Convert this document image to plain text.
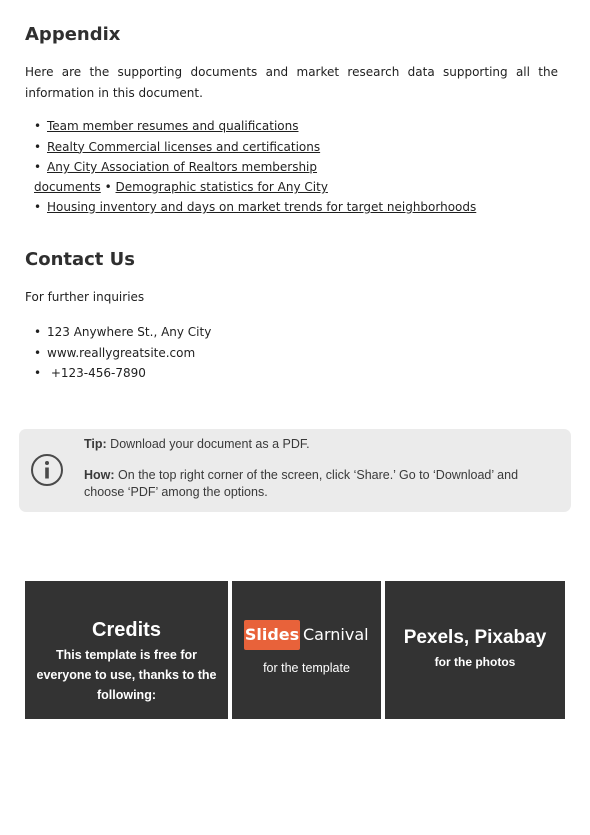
Appendix

Here are the supporting documents and market research data supporting all the information in this document.

• Team member resumes and qualifications
• Realty Commercial licenses and certifications
• Any City Association of Realtors membership
documents • Demographic statistics for Any City
• Housing inventory and days on market trends for target neighborhoods
Contact Us

For further inquiries

• 123 Anywhere St., Any City
• www.reallygreatsite.com
• +123-456-7890

Tip: Download your document as a PDF.

How: On the top right corner of the screen, click ‘Share.’ Go to ‘Download’ and choose ‘PDF’ among the options.

Credits
This template is free for everyone to use, thanks to the following:
Slides Carnival
for the template
Pexels, Pixabay
for the photos
